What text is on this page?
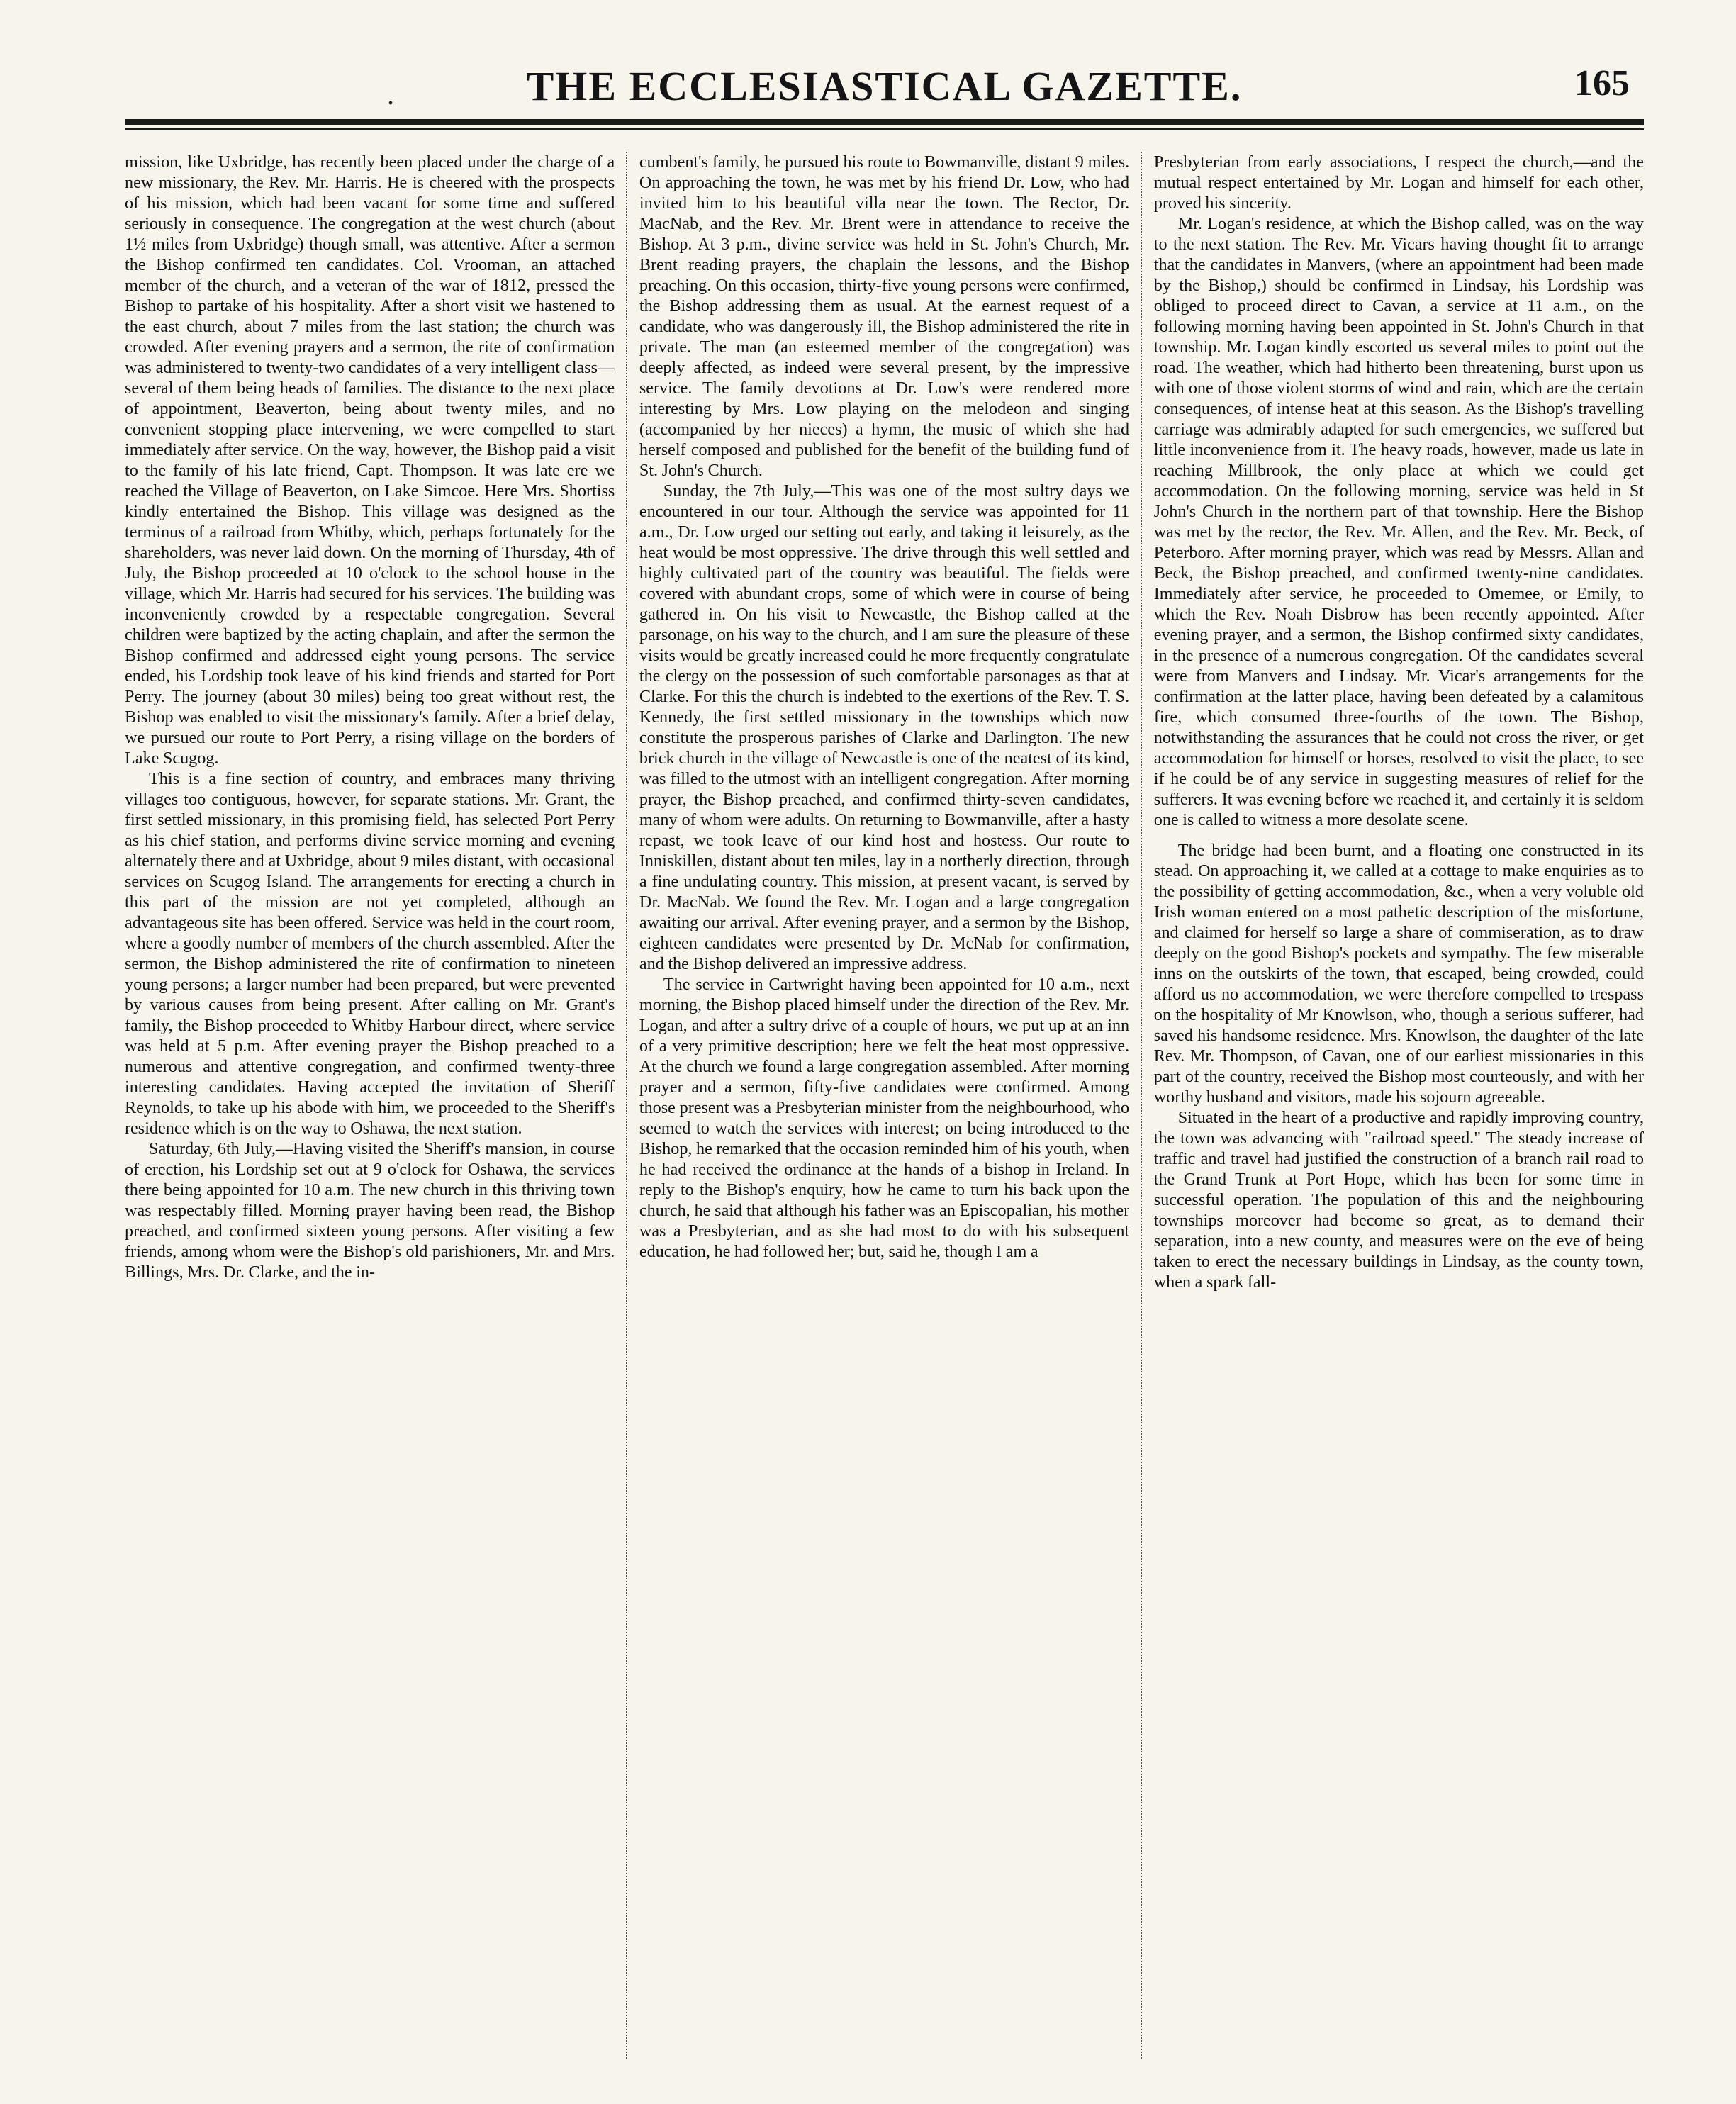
.	THE ECCLESIASTICAL GAZETTE.	165

mission, like Uxbridge, has recently been placed under the charge of a new missionary, the Rev. Mr. Harris. He is cheered with the prospects of his mission, which had been vacant for some time and suffered seriously in consequence. The congregation at the west church (about 1½ miles from Uxbridge) though small, was attentive. After a sermon the Bishop confirmed ten candidates. Col. Vrooman, an attached member of the church, and a veteran of the war of 1812, pressed the Bishop to partake of his hospitality. After a short visit we hastened to the east church, about 7 miles from the last station; the church was crowded. After evening prayers and a sermon, the rite of confirmation was administered to twenty-two candidates of a very intelligent class—several of them being heads of families. The distance to the next place of appointment, Beaverton, being about twenty miles, and no convenient stopping place intervening, we were compelled to start immediately after service. On the way, however, the Bishop paid a visit to the family of his late friend, Capt. Thompson. It was late ere we reached the Village of Beaverton, on Lake Simcoe. Here Mrs. Shortiss kindly entertained the Bishop. This village was designed as the terminus of a railroad from Whitby, which, perhaps fortunately for the shareholders, was never laid down. On the morning of Thursday, 4th of July, the Bishop proceeded at 10 o'clock to the school house in the village, which Mr. Harris had secured for his services. The building was inconveniently crowded by a respectable congregation. Several children were baptized by the acting chaplain, and after the sermon the Bishop confirmed and addressed eight young persons. The service ended, his Lordship took leave of his kind friends and started for Port Perry. The journey (about 30 miles) being too great without rest, the Bishop was enabled to visit the missionary's family. After a brief delay, we pursued our route to Port Perry, a rising village on the borders of Lake Scugog.

This is a fine section of country, and embraces many thriving villages too contiguous, however, for separate stations. Mr. Grant, the first settled missionary, in this promising field, has selected Port Perry as his chief station, and performs divine service morning and evening alternately there and at Uxbridge, about 9 miles distant, with occasional services on Scugog Island. The arrangements for erecting a church in this part of the mission are not yet completed, although an advantageous site has been offered. Service was held in the court room, where a goodly number of members of the church assembled. After the sermon, the Bishop administered the rite of confirmation to nineteen young persons; a larger number had been prepared, but were prevented by various causes from being present. After calling on Mr. Grant's family, the Bishop proceeded to Whitby Harbour direct, where service was held at 5 p.m. After evening prayer the Bishop preached to a numerous and attentive congregation, and confirmed twenty-three interesting candidates. Having accepted the invitation of Sheriff Reynolds, to take up his abode with him, we proceeded to the Sheriff's residence which is on the way to Oshawa, the next station.

Saturday, 6th July,—Having visited the Sheriff's mansion, in course of erection, his Lordship set out at 9 o'clock for Oshawa, the services there being appointed for 10 a.m. The new church in this thriving town was respectably filled. Morning prayer having been read, the Bishop preached, and confirmed sixteen young persons. After visiting a few friends, among whom were the Bishop's old parishioners, Mr. and Mrs. Billings, Mrs. Dr. Clarke, and the in-

cumbent's family, he pursued his route to Bowmanville, distant 9 miles. On approaching the town, he was met by his friend Dr. Low, who had invited him to his beautiful villa near the town. The Rector, Dr. MacNab, and the Rev. Mr. Brent were in attendance to receive the Bishop. At 3 p.m., divine service was held in St. John's Church, Mr. Brent reading prayers, the chaplain the lessons, and the Bishop preaching. On this occasion, thirty-five young persons were confirmed, the Bishop addressing them as usual. At the earnest request of a candidate, who was dangerously ill, the Bishop administered the rite in private. The man (an esteemed member of the congregation) was deeply affected, as indeed were several present, by the impressive service. The family devotions at Dr. Low's were rendered more interesting by Mrs. Low playing on the melodeon and singing (accompanied by her nieces) a hymn, the music of which she had herself composed and published for the benefit of the building fund of St. John's Church.

Sunday, the 7th July,—This was one of the most sultry days we encountered in our tour. Although the service was appointed for 11 a.m., Dr. Low urged our setting out early, and taking it leisurely, as the heat would be most oppressive. The drive through this well settled and highly cultivated part of the country was beautiful. The fields were covered with abundant crops, some of which were in course of being gathered in. On his visit to Newcastle, the Bishop called at the parsonage, on his way to the church, and I am sure the pleasure of these visits would be greatly increased could he more frequently congratulate the clergy on the possession of such comfortable parsonages as that at Clarke. For this the church is indebted to the exertions of the Rev. T. S. Kennedy, the first settled missionary in the townships which now constitute the prosperous parishes of Clarke and Darlington. The new brick church in the village of Newcastle is one of the neatest of its kind, was filled to the utmost with an intelligent congregation. After morning prayer, the Bishop preached, and confirmed thirty-seven candidates, many of whom were adults. On returning to Bowmanville, after a hasty repast, we took leave of our kind host and hostess. Our route to Inniskillen, distant about ten miles, lay in a northerly direction, through a fine undulating country. This mission, at present vacant, is served by Dr. MacNab. We found the Rev. Mr. Logan and a large congregation awaiting our arrival. After evening prayer, and a sermon by the Bishop, eighteen candidates were presented by Dr. McNab for confirmation, and the Bishop delivered an impressive address.

The service in Cartwright having been appointed for 10 a.m., next morning, the Bishop placed himself under the direction of the Rev. Mr. Logan, and after a sultry drive of a couple of hours, we put up at an inn of a very primitive description; here we felt the heat most oppressive. At the church we found a large congregation assembled. After morning prayer and a sermon, fifty-five candidates were confirmed. Among those present was a Presbyterian minister from the neighbourhood, who seemed to watch the services with interest; on being introduced to the Bishop, he remarked that the occasion reminded him of his youth, when he had received the ordinance at the hands of a bishop in Ireland. In reply to the Bishop's enquiry, how he came to turn his back upon the church, he said that although his father was an Episcopalian, his mother was a Presbyterian, and as she had most to do with his subsequent education, he had followed her; but, said he, though I am a

Presbyterian from early associations, I respect the church,—and the mutual respect entertained by Mr. Logan and himself for each other, proved his sincerity.

Mr. Logan's residence, at which the Bishop called, was on the way to the next station. The Rev. Mr. Vicars having thought fit to arrange that the candidates in Manvers, (where an appointment had been made by the Bishop,) should be confirmed in Lindsay, his Lordship was obliged to proceed direct to Cavan, a service at 11 a.m., on the following morning having been appointed in St. John's Church in that township. Mr. Logan kindly escorted us several miles to point out the road. The weather, which had hitherto been threatening, burst upon us with one of those violent storms of wind and rain, which are the certain consequences, of intense heat at this season. As the Bishop's travelling carriage was admirably adapted for such emergencies, we suffered but little inconvenience from it. The heavy roads, however, made us late in reaching Millbrook, the only place at which we could get accommodation. On the following morning, service was held in St John's Church in the northern part of that township. Here the Bishop was met by the rector, the Rev. Mr. Allen, and the Rev. Mr. Beck, of Peterboro. After morning prayer, which was read by Messrs. Allan and Beck, the Bishop preached, and confirmed twenty-nine candidates. Immediately after service, he proceeded to Omemee, or Emily, to which the Rev. Noah Disbrow has been recently appointed. After evening prayer, and a sermon, the Bishop confirmed sixty candidates, in the presence of a numerous congregation. Of the candidates several were from Manvers and Lindsay. Mr. Vicar's arrangements for the confirmation at the latter place, having been defeated by a calamitous fire, which consumed three-fourths of the town. The Bishop, notwithstanding the assurances that he could not cross the river, or get accommodation for himself or horses, resolved to visit the place, to see if he could be of any service in suggesting measures of relief for the sufferers. It was evening before we reached it, and certainly it is seldom one is called to witness a more desolate scene.

The bridge had been burnt, and a floating one constructed in its stead. On approaching it, we called at a cottage to make enquiries as to the possibility of getting accommodation, &c., when a very voluble old Irish woman entered on a most pathetic description of the misfortune, and claimed for herself so large a share of commiseration, as to draw deeply on the good Bishop's pockets and sympathy. The few miserable inns on the outskirts of the town, that escaped, being crowded, could afford us no accommodation, we were therefore compelled to trespass on the hospitality of Mr Knowlson, who, though a serious sufferer, had saved his handsome residence. Mrs. Knowlson, the daughter of the late Rev. Mr. Thompson, of Cavan, one of our earliest missionaries in this part of the country, received the Bishop most courteously, and with her worthy husband and visitors, made his sojourn agreeable.

Situated in the heart of a productive and rapidly improving country, the town was advancing with "railroad speed." The steady increase of traffic and travel had justified the construction of a branch rail road to the Grand Trunk at Port Hope, which has been for some time in successful operation. The population of this and the neighbouring townships moreover had become so great, as to demand their separation, into a new county, and measures were on the eve of being taken to erect the necessary buildings in Lindsay, as the county town, when a spark fall-
